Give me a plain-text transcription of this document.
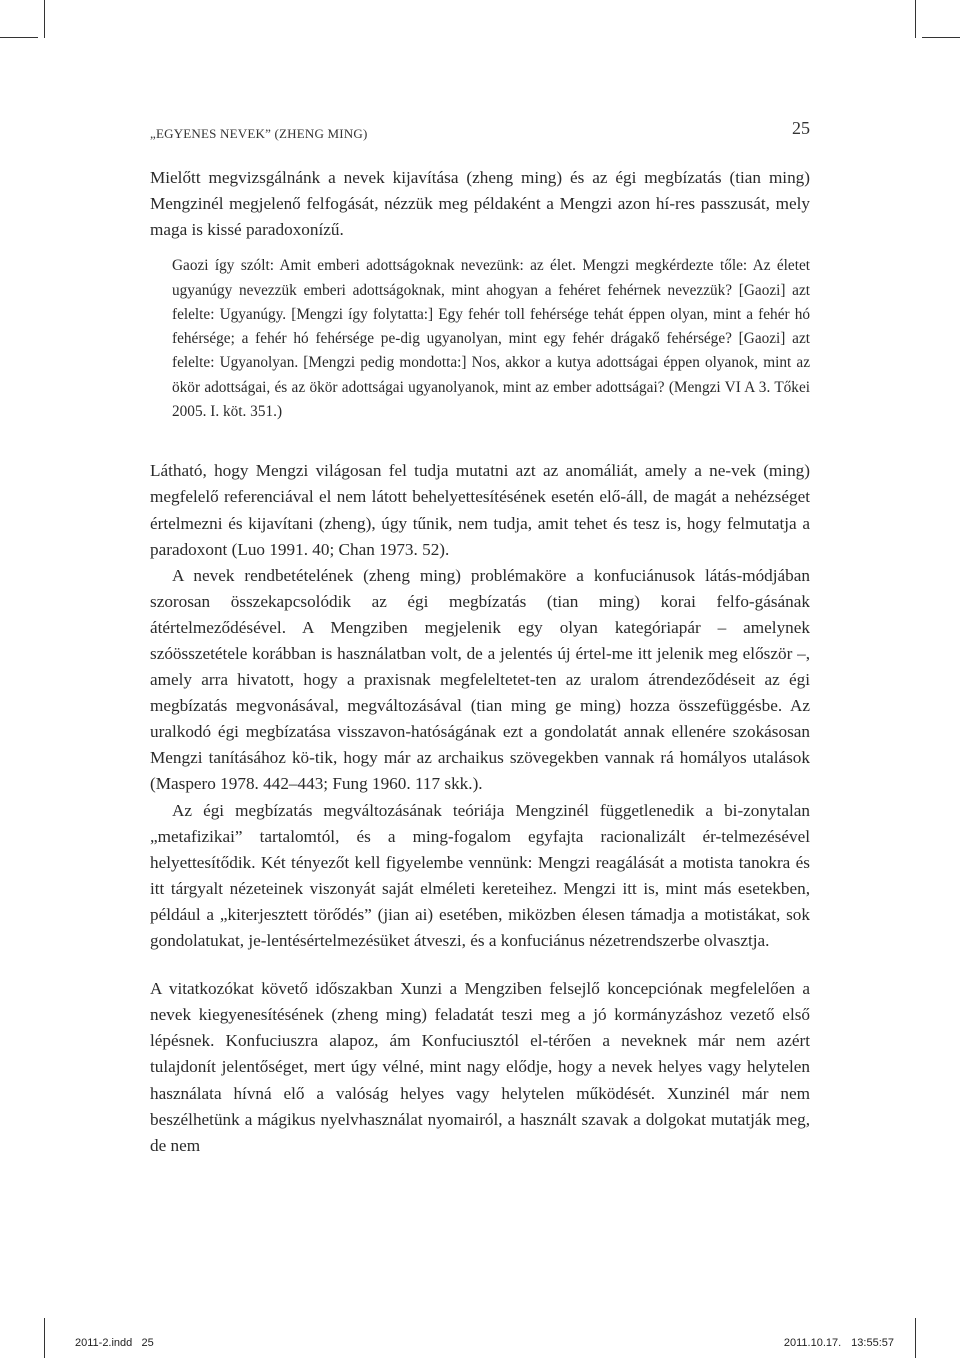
„EGYENES NEVEK” (ZHENG MING)	25

Mielőtt megvizsgálnánk a nevek kijavítása (zheng ming) és az égi megbízatás (tian ming) Mengzinél megjelenő felfogását, nézzük meg példaként a Mengzi azon hí-res passzusát, mely maga is kissé paradoxonízű.

Gaozi így szólt: Amit emberi adottságoknak nevezünk: az élet. Mengzi megkérdezte tőle: Az életet ugyanúgy nevezzük emberi adottságoknak, mint ahogyan a fehéret fehérnek nevezzük? [Gaozi] azt felelte: Ugyanúgy. [Mengzi így folytatta:] Egy fehér toll fehérsége tehát éppen olyan, mint a fehér hó fehérsége; a fehér hó fehérsége pe-dig ugyanolyan, mint egy fehér drágakő fehérsége? [Gaozi] azt felelte: Ugyanolyan. [Mengzi pedig mondotta:] Nos, akkor a kutya adottságai éppen olyanok, mint az ökör adottságai, és az ökör adottságai ugyanolyanok, mint az ember adottságai? (Mengzi VI A 3. Tőkei 2005. I. köt. 351.)

Látható, hogy Mengzi világosan fel tudja mutatni azt az anomáliát, amely a ne-vek (ming) megfelelő referenciával el nem látott behelyettesítésének esetén elő-áll, de magát a nehézséget értelmezni és kijavítani (zheng), úgy tűnik, nem tudja, amit tehet és tesz is, hogy felmutatja a paradoxont (Luo 1991. 40; Chan 1973. 52).

A nevek rendbetételének (zheng ming) problémaköre a konfuciánusok látás-módjában szorosan összekapcsolódik az égi megbízatás (tian ming) korai felfo-gásának átértelmeződésével. A Mengziben megjelenik egy olyan kategóriapár – amelynek szóösszetétele korábban is használatban volt, de a jelentés új értel-me itt jelenik meg először –, amely arra hivatott, hogy a praxisnak megfeleltetet-ten az uralom átrendeződéseit az égi megbízatás megvonásával, megváltozásával (tian ming ge ming) hozza összefüggésbe. Az uralkodó égi megbízatása visszavon-hatóságának ezt a gondolatát annak ellenére szokásosan Mengzi tanításához kö-tik, hogy már az archaikus szövegekben vannak rá homályos utalások (Maspero 1978. 442–443; Fung 1960. 117 skk.).

Az égi megbízatás megváltozásának teóriája Mengzinél függetlenedik a bi-zonytalan „metafizikai” tartalomtól, és a ming-fogalom egyfajta racionalizált ér-telmezésével helyettesítődik. Két tényezőt kell figyelembe vennünk: Mengzi reagálását a motista tanokra és itt tárgyalt nézeteinek viszonyát saját elméleti kereteihez. Mengzi itt is, mint más esetekben, például a „kiterjesztett törődés” (jian ai) esetében, miközben élesen támadja a motistákat, sok gondolatukat, je-lentésértelmezésüket átveszi, és a konfuciánus nézetrendszerbe olvasztja.

A vitatkozókat követő időszakban Xunzi a Mengziben felsejlő koncepciónak megfelelően a nevek kiegyenesítésének (zheng ming) feladatát teszi meg a jó kormányzáshoz vezető első lépésnek. Konfuciuszra alapoz, ám Konfuciusztól el-térően a neveknek már nem azért tulajdonít jelentőséget, mert úgy vélné, mint nagy elődje, hogy a nevek helyes vagy helytelen használata hívná elő a valóság helyes vagy helytelen működését. Xunzinél már nem beszélhetünk a mágikus nyelvhasználat nyomairól, a használt szavak a dolgokat mutatják meg, de nem

2011-2.indd   25	2011.10.17. 13:55:57
